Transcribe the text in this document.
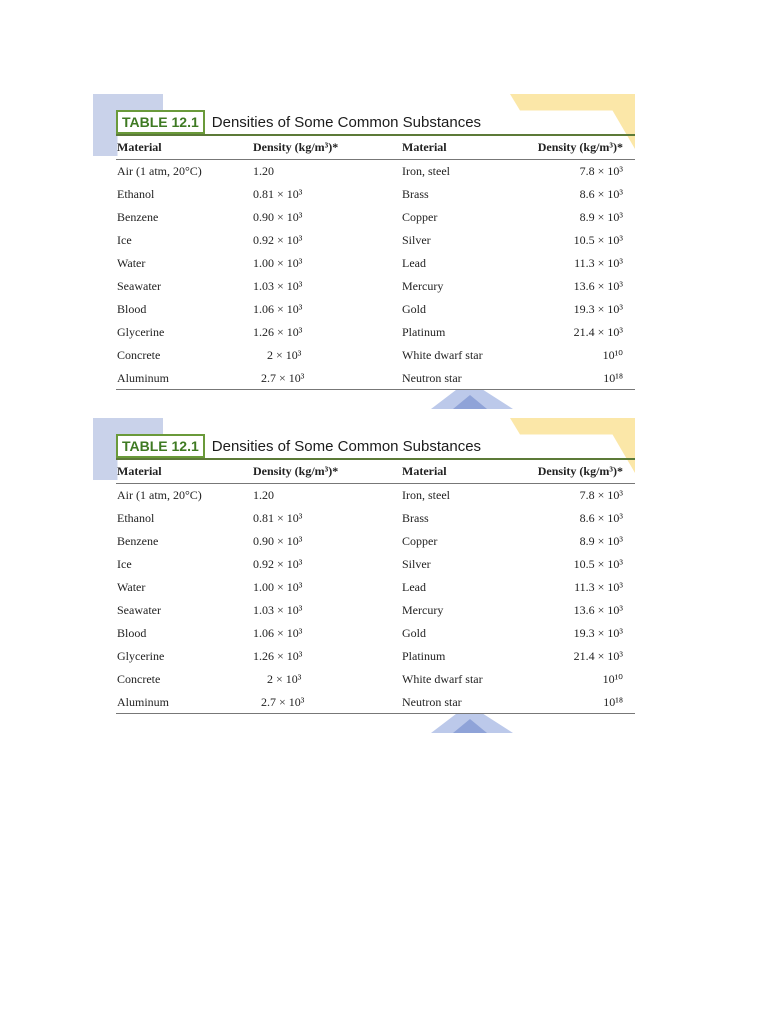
TABLE 12.1 Densities of Some Common Substances
Material	Density (kg/m³)*	Material	Density (kg/m³)*
Air (1 atm, 20°C)	1.20	Iron, steel	7.8 × 10³
Ethanol	0.81 × 10³	Brass	8.6 × 10³
Benzene	0.90 × 10³	Copper	8.9 × 10³
Ice	0.92 × 10³	Silver	10.5 × 10³
Water	1.00 × 10³	Lead	11.3 × 10³
Seawater	1.03 × 10³	Mercury	13.6 × 10³
Blood	1.06 × 10³	Gold	19.3 × 10³
Glycerine	1.26 × 10³	Platinum	21.4 × 10³
Concrete	2 × 10³	White dwarf star	10¹⁰
Aluminum	2.7 × 10³	Neutron star	10¹⁸
TABLE 12.1 Densities of Some Common Substances
Material	Density (kg/m³)*	Material	Density (kg/m³)*
Air (1 atm, 20°C)	1.20	Iron, steel	7.8 × 10³
Ethanol	0.81 × 10³	Brass	8.6 × 10³
Benzene	0.90 × 10³	Copper	8.9 × 10³
Ice	0.92 × 10³	Silver	10.5 × 10³
Water	1.00 × 10³	Lead	11.3 × 10³
Seawater	1.03 × 10³	Mercury	13.6 × 10³
Blood	1.06 × 10³	Gold	19.3 × 10³
Glycerine	1.26 × 10³	Platinum	21.4 × 10³
Concrete	2 × 10³	White dwarf star	10¹⁰
Aluminum	2.7 × 10³	Neutron star	10¹⁸
